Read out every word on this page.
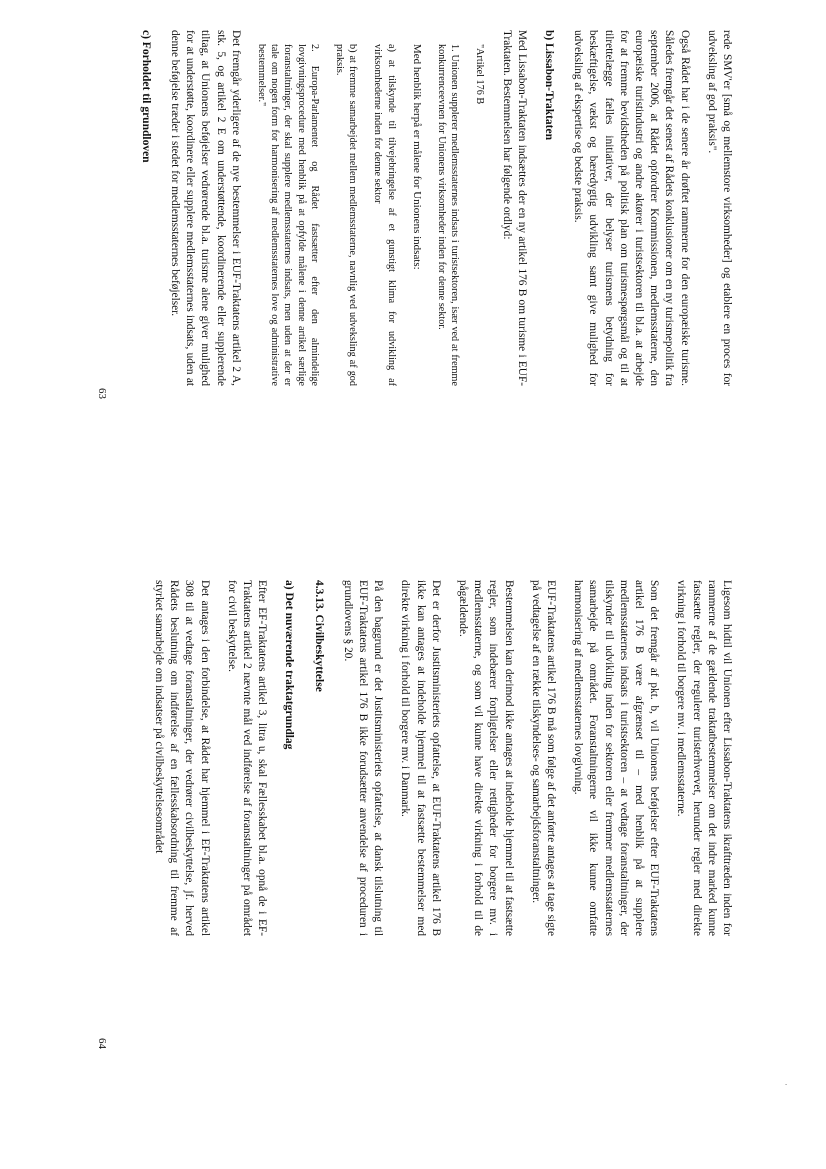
rede SMV'er [små og mellemstore virksomheder] og etablere en proces for udveksling af god praksis".

Også Rådet har i de senere år drøftet rammerne for den europæiske turisme. Således fremgår det senest af Rådets konklusioner om en ny turismepolitik fra september 2006, at Rådet opfordrer Kommissionen, medlemsstaterne, den europæiske turistindustri og andre aktører i turistsektoren til bl.a. at arbejde for at fremme bevidstheden på politisk plan om turismespørgsmål og til at tilrettelægge fælles initiativer, der belyser turismens betydning for beskæftigelse, vækst og bæredygtig udvikling samt give mulighed for udveksling af ekspertise og bedste praksis.

b) Lissabon-Traktaten

Med Lissabon-Traktaten indsættes der en ny artikel 176 B om turisme i EUF-Traktaten. Bestemmelsen har følgende ordlyd:

"Artikel 176 B

1. Unionen supplerer medlemsstaternes indsats i turistsektoren, især ved at fremme konkurrenceevnen for Unionens virksomheder inden for denne sektor.

Med henblik herpå er målene for Unionens indsats:

a) at tilskynde til tilvejebringelse af et gunstigt klima for udvikling af virksomhederne inden for denne sektor

b) at fremme samarbejdet mellem medlemsstaterne, navnlig ved udveksling af god praksis.

2. Europa-Parlamentet og Rådet fastsætter efter den almindelige lovgivningsprocedure med henblik på at opfylde målene i denne artikel særlige foranstaltninger, der skal supplere medlemsstaternes indsats, men uden at der er tale om nogen form for harmonisering af medlemsstaternes love og administrative bestemmelser."

Det fremgår yderligere af de nye bestemmelser i EUF-Traktatens artikel 2 A, stk. 5, og artikel 2 E om understøttende, koordinerende eller supplerende tiltag, at Unionens beføjelser vedrørende bl.a. turisme alene giver mulighed for at understøtte, koordinere eller supplere medlemsstaternes indsats, uden at denne beføjelse træder i stedet for medlemsstaternes beføjelser.

c) Forholdet til grundloven
63

Ligesom hidtil vil Unionen efter Lissabon-Traktatens ikrafttræden inden for rammerne af de gældende traktatbestemmelser om det indre marked kunne fastsætte regler, der regulerer turisterhvervet, herunder regler med direkte virkning i forhold til borgere mv. i medlemsstaterne.

Som det fremgår af pkt. b, vil Unionens beføjelser efter EUF-Traktatens artikel 176 B være afgrænset til – med henblik på at supplere medlemsstaternes indsats i turistsektoren – at vedtage foranstaltninger, der tilskynder til udvikling inden for sektoren eller fremmer medlemsstaternes samarbejde på området. Foranstaltningerne vil ikke kunne omfatte harmonisering af medlemsstaternes lovgivning.

EUF-Traktatens artikel 176 B må som følge af det anførte antages at tage sigte på vedtagelse af en række tilskyndelses- og samarbejdsforanstaltninger.

Bestemmelsen kan derimod ikke antages at indeholde hjemmel til at fastsætte regler, som indebærer forpligtelser eller rettigheder for borgere mv. i medlemsstaterne, og som vil kunne have direkte virkning i forhold til de pågældende.

Det er derfor Justitsministeriets opfattelse, at EUF-Traktatens artikel 176 B ikke kan antages at indeholde hjemmel til at fastsætte bestemmelser med direkte virkning i forhold til borgere mv. i Danmark.

På den baggrund er det Justitsministeriets opfattelse, at dansk tilslutning til EUF-Traktatens artikel 176 B ikke forudsætter anvendelse af proceduren i grundlovens § 20.

4.3.13. Civilbeskyttelse
a) Det nuværende traktatgrundlag

Efter EF-Traktatens artikel 3, litra u, skal Fællesskabet bl.a. opnå de i EF-Traktatens artikel 2 nævnte mål ved indførelse af foranstaltninger på området for civil beskyttelse.

Det antages i den forbindelse, at Rådet har hjemmel i EF-Traktatens artikel 308 til at vedtage foranstaltninger, der vedrører civilbeskyttelse, jf. herved Rådets beslutning om indførelse af en fællesskabsordning til fremme af styrket samarbejde om indsatser på civilbeskyttelsesområdet

64
·
